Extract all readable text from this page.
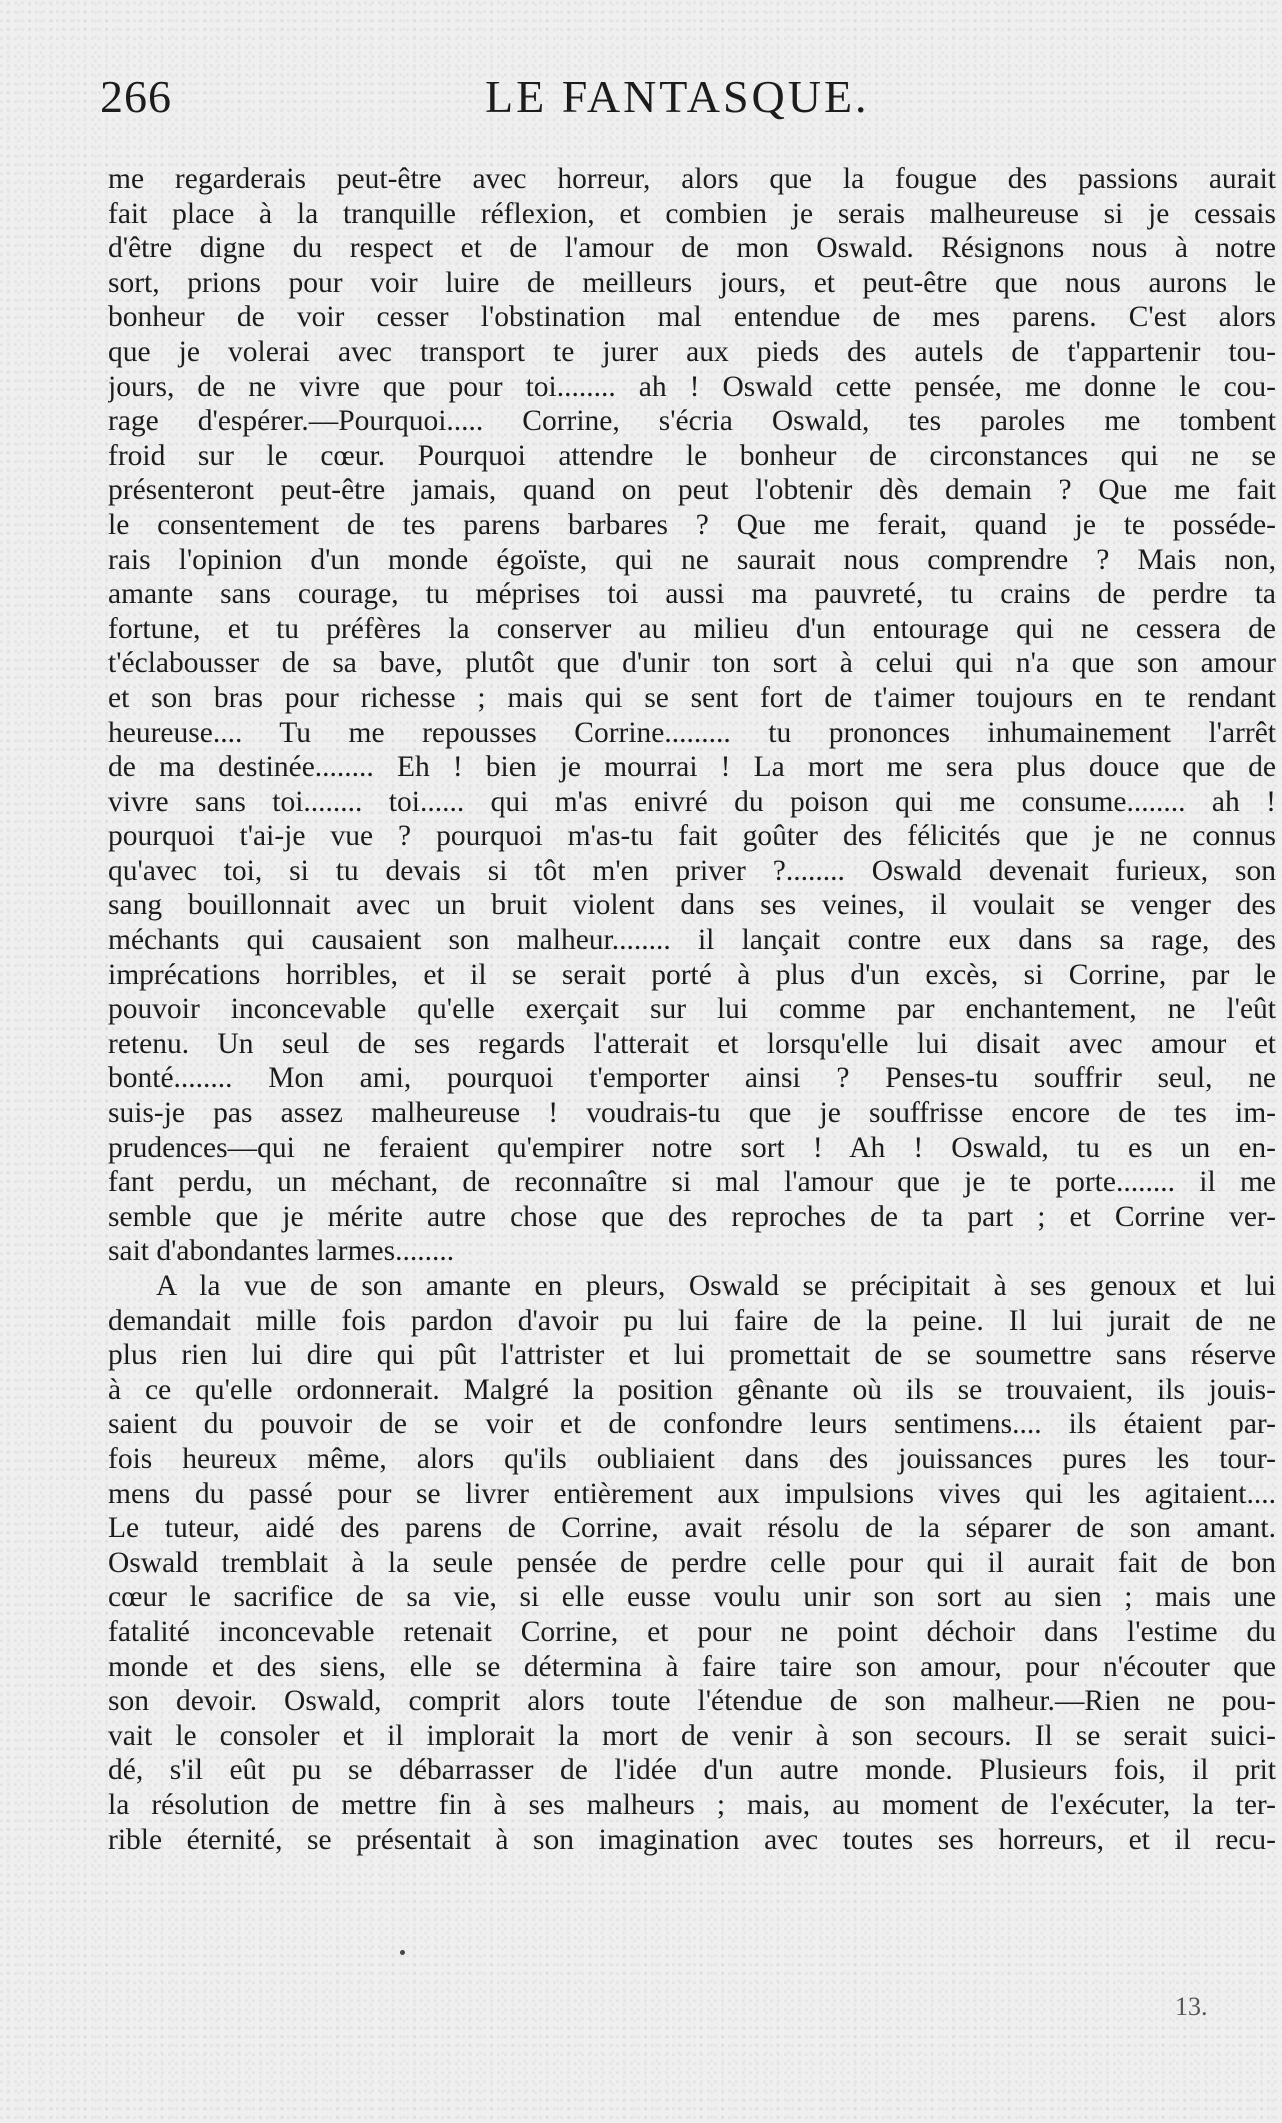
266	LE FANTASQUE.
me regarderais peut-être avec horreur, alors que la fougue des passions aurait
fait place à la tranquille réflexion, et combien je serais malheureuse si je cessais
d'être digne du respect et de l'amour de mon Oswald. Résignons nous à notre
sort, prions pour voir luire de meilleurs jours, et peut-être que nous aurons le
bonheur de voir cesser l'obstination mal entendue de mes parens. C'est alors
que je volerai avec transport te jurer aux pieds des autels de t'appartenir tou-
jours, de ne vivre que pour toi........ ah ! Oswald cette pensée, me donne le cou-
rage d'espérer.—Pourquoi..... Corrine, s'écria Oswald, tes paroles me tombent
froid sur le cœur. Pourquoi attendre le bonheur de circonstances qui ne se
présenteront peut-être jamais, quand on peut l'obtenir dès demain ? Que me fait
le consentement de tes parens barbares ? Que me ferait, quand je te posséde-
rais l'opinion d'un monde égoïste, qui ne saurait nous comprendre ? Mais non,
amante sans courage, tu méprises toi aussi ma pauvreté, tu crains de perdre ta
fortune, et tu préfères la conserver au milieu d'un entourage qui ne cessera de
t'éclabousser de sa bave, plutôt que d'unir ton sort à celui qui n'a que son amour
et son bras pour richesse ; mais qui se sent fort de t'aimer toujours en te rendant
heureuse.... Tu me repousses Corrine......... tu prononces inhumainement l'arrêt
de ma destinée........ Eh ! bien je mourrai ! La mort me sera plus douce que de
vivre sans toi........ toi...... qui m'as enivré du poison qui me consume........ ah !
pourquoi t'ai-je vue ? pourquoi m'as-tu fait goûter des félicités que je ne connus
qu'avec toi, si tu devais si tôt m'en priver ?........ Oswald devenait furieux, son
sang bouillonnait avec un bruit violent dans ses veines, il voulait se venger des
méchants qui causaient son malheur........ il lançait contre eux dans sa rage, des
imprécations horribles, et il se serait porté à plus d'un excès, si Corrine, par le
pouvoir inconcevable qu'elle exerçait sur lui comme par enchantement, ne l'eût
retenu. Un seul de ses regards l'atterait et lorsqu'elle lui disait avec amour et
bonté........ Mon ami, pourquoi t'emporter ainsi ? Penses-tu souffrir seul, ne
suis-je pas assez malheureuse ! voudrais-tu que je souffrisse encore de tes im-
prudences—qui ne feraient qu'empirer notre sort ! Ah ! Oswald, tu es un en-
fant perdu, un méchant, de reconnaître si mal l'amour que je te porte........ il me
semble que je mérite autre chose que des reproches de ta part ; et Corrine ver-
sait d'abondantes larmes........
A la vue de son amante en pleurs, Oswald se précipitait à ses genoux et lui
demandait mille fois pardon d'avoir pu lui faire de la peine. Il lui jurait de ne
plus rien lui dire qui pût l'attrister et lui promettait de se soumettre sans réserve
à ce qu'elle ordonnerait. Malgré la position gênante où ils se trouvaient, ils jouis-
saient du pouvoir de se voir et de confondre leurs sentimens.... ils étaient par-
fois heureux même, alors qu'ils oubliaient dans des jouissances pures les tour-
mens du passé pour se livrer entièrement aux impulsions vives qui les agitaient....
Le tuteur, aidé des parens de Corrine, avait résolu de la séparer de son amant.
Oswald tremblait à la seule pensée de perdre celle pour qui il aurait fait de bon
cœur le sacrifice de sa vie, si elle eusse voulu unir son sort au sien ; mais une
fatalité inconcevable retenait Corrine, et pour ne point déchoir dans l'estime du
monde et des siens, elle se détermina à faire taire son amour, pour n'écouter que
son devoir. Oswald, comprit alors toute l'étendue de son malheur.—Rien ne pou-
vait le consoler et il implorait la mort de venir à son secours. Il se serait suici-
dé, s'il eût pu se débarrasser de l'idée d'un autre monde. Plusieurs fois, il prit
la résolution de mettre fin à ses malheurs ; mais, au moment de l'exécuter, la ter-
rible éternité, se présentait à son imagination avec toutes ses horreurs, et il recu-
13.
